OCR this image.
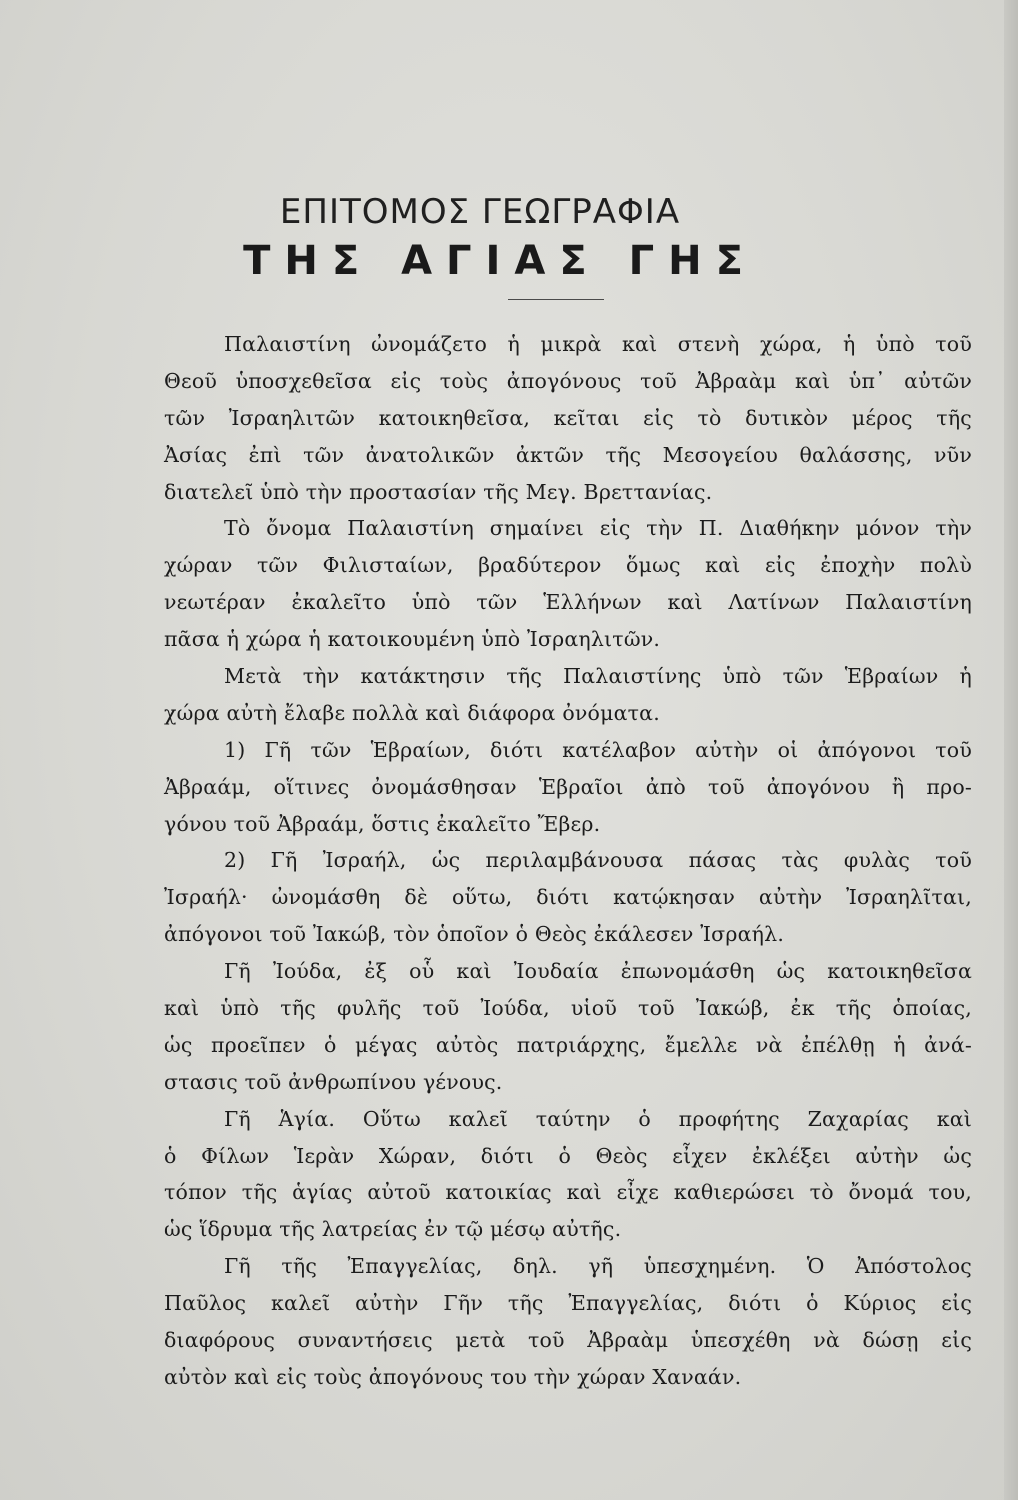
ΕΠΙΤΟΜΟΣ ΓΕΩΓΡΑΦΙΑ
ΤΗΣ ΑΓΙΑΣ ΓΗΣ
Παλαιστίνη ὠνομάζετο ἡ μικρὰ καὶ στενὴ χώρα, ἡ ὑπὸ τοῦ
Θεοῦ ὑποσχεθεῖσα εἰς τοὺς ἀπογόνους τοῦ Ἀβραὰμ καὶ ὑπ᾽ αὐτῶν
τῶν Ἰσραηλιτῶν κατοικηθεῖσα, κεῖται εἰς τὸ δυτικὸν μέρος τῆς
Ἀσίας ἐπὶ τῶν ἀνατολικῶν ἀκτῶν τῆς Μεσογείου θαλάσσης, νῦν
διατελεῖ ὑπὸ τὴν προστασίαν τῆς Μεγ. Βρεττανίας.
Τὸ ὄνομα Παλαιστίνη σημαίνει εἰς τὴν Π. Διαθήκην μόνον τὴν
χώραν τῶν Φιλισταίων, βραδύτερον ὅμως καὶ εἰς ἐποχὴν πολὺ
νεωτέραν ἐκαλεῖτο ὑπὸ τῶν Ἑλλήνων καὶ Λατίνων Παλαιστίνη
πᾶσα ἡ χώρα ἡ κατοικουμένη ὑπὸ Ἰσραηλιτῶν.
Μετὰ τὴν κατάκτησιν τῆς Παλαιστίνης ὑπὸ τῶν Ἑβραίων ἡ
χώρα αὐτὴ ἔλαβε πολλὰ καὶ διάφορα ὀνόματα.
1) Γῆ τῶν Ἑβραίων, διότι κατέλαβον αὐτὴν οἱ ἀπόγονοι τοῦ
Ἀβραάμ, οἵτινες ὀνομάσθησαν Ἑβραῖοι ἀπὸ τοῦ ἀπογόνου ἢ προ-
γόνου τοῦ Ἀβραάμ, ὅστις ἐκαλεῖτο Ἔβερ.
2) Γῆ Ἰσραήλ, ὡς περιλαμβάνουσα πάσας τὰς φυλὰς τοῦ
Ἰσραήλ· ὠνομάσθη δὲ οὕτω, διότι κατῴκησαν αὐτὴν Ἰσραηλῖται,
ἀπόγονοι τοῦ Ἰακώβ, τὸν ὁποῖον ὁ Θεὸς ἐκάλεσεν Ἰσραήλ.
Γῆ Ἰούδα, ἐξ οὗ καὶ Ἰουδαία ἐπωνομάσθη ὡς κατοικηθεῖσα
καὶ ὑπὸ τῆς φυλῆς τοῦ Ἰούδα, υἱοῦ τοῦ Ἰακώβ, ἐκ τῆς ὁποίας,
ὡς προεῖπεν ὁ μέγας αὐτὸς πατριάρχης, ἔμελλε νὰ ἐπέλθῃ ἡ ἀνά-
στασις τοῦ ἀνθρωπίνου γένους.
Γῆ Ἁγία. Οὕτω καλεῖ ταύτην ὁ προφήτης Ζαχαρίας καὶ
ὁ Φίλων Ἱερὰν Χώραν, διότι ὁ Θεὸς εἶχεν ἐκλέξει αὐτὴν ὡς
τόπον τῆς ἁγίας αὐτοῦ κατοικίας καὶ εἶχε καθιερώσει τὸ ὄνομά του,
ὡς ἵδρυμα τῆς λατρείας ἐν τῷ μέσῳ αὐτῆς.
Γῆ τῆς Ἐπαγγελίας, δηλ. γῆ ὑπεσχημένη. Ὁ Ἀπόστολος
Παῦλος καλεῖ αὐτὴν Γῆν τῆς Ἐπαγγελίας, διότι ὁ Κύριος εἰς
διαφόρους συναντήσεις μετὰ τοῦ Ἀβραὰμ ὑπεσχέθη νὰ δώσῃ εἰς
αὐτὸν καὶ εἰς τοὺς ἀπογόνους του τὴν χώραν Χαναάν.
